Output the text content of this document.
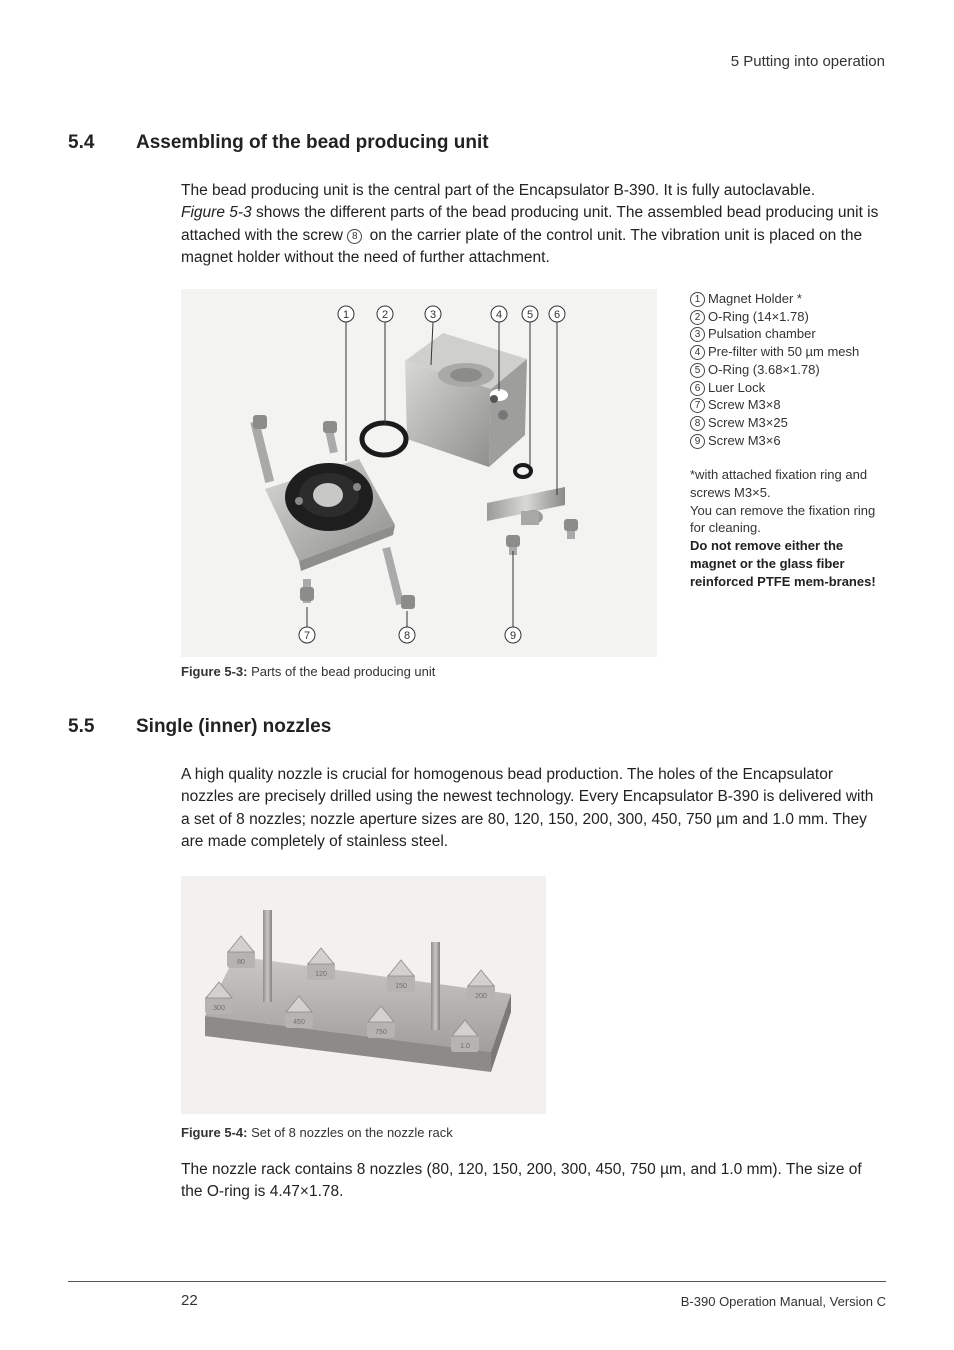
5 Putting into operation
5.4 Assembling of the bead producing unit

The bead producing unit is the central part of the Encapsulator B-390. It is fully autoclavable.
Figure 5-3 shows the different parts of the bead producing unit. The assembled bead producing unit is attached with the screw 8 on the carrier plate of the control unit. The vibration unit is placed on the magnet holder without the need of further attachment.

1	2	3	4 5 6
7	8	9
1 Magnet Holder *
2 O-Ring (14×1.78)
3 Pulsation chamber
4 Pre-filter with 50 µm mesh
5 O-Ring (3.68×1.78)
6 Luer Lock
7 Screw M3×8
8 Screw M3×25
9 Screw M3×6
*with attached fixation ring and screws M3×5.
You can remove the fixation ring for cleaning.
Do not remove either the magnet or the glass fiber reinforced PTFE mem-branes!
Figure 5-3: Parts of the bead producing unit
5.5 Single (inner) nozzles

A high quality nozzle is crucial for homogenous bead production. The holes of the Encapsulator nozzles are precisely drilled using the newest technology. Every Encapsulator B-390 is delivered with a set of 8 nozzles; nozzle aperture sizes are 80, 120, 150, 200, 300, 450, 750 µm and 1.0 mm. They are made completely of stainless steel.

80
120
150
200
300
450
750
1.0
Figure 5-4: Set of 8 nozzles on the nozzle rack

The nozzle rack contains 8 nozzles (80, 120, 150, 200, 300, 450, 750 µm, and 1.0 mm). The size of the O-ring is 4.47×1.78.

22	B-390 Operation Manual, Version C
